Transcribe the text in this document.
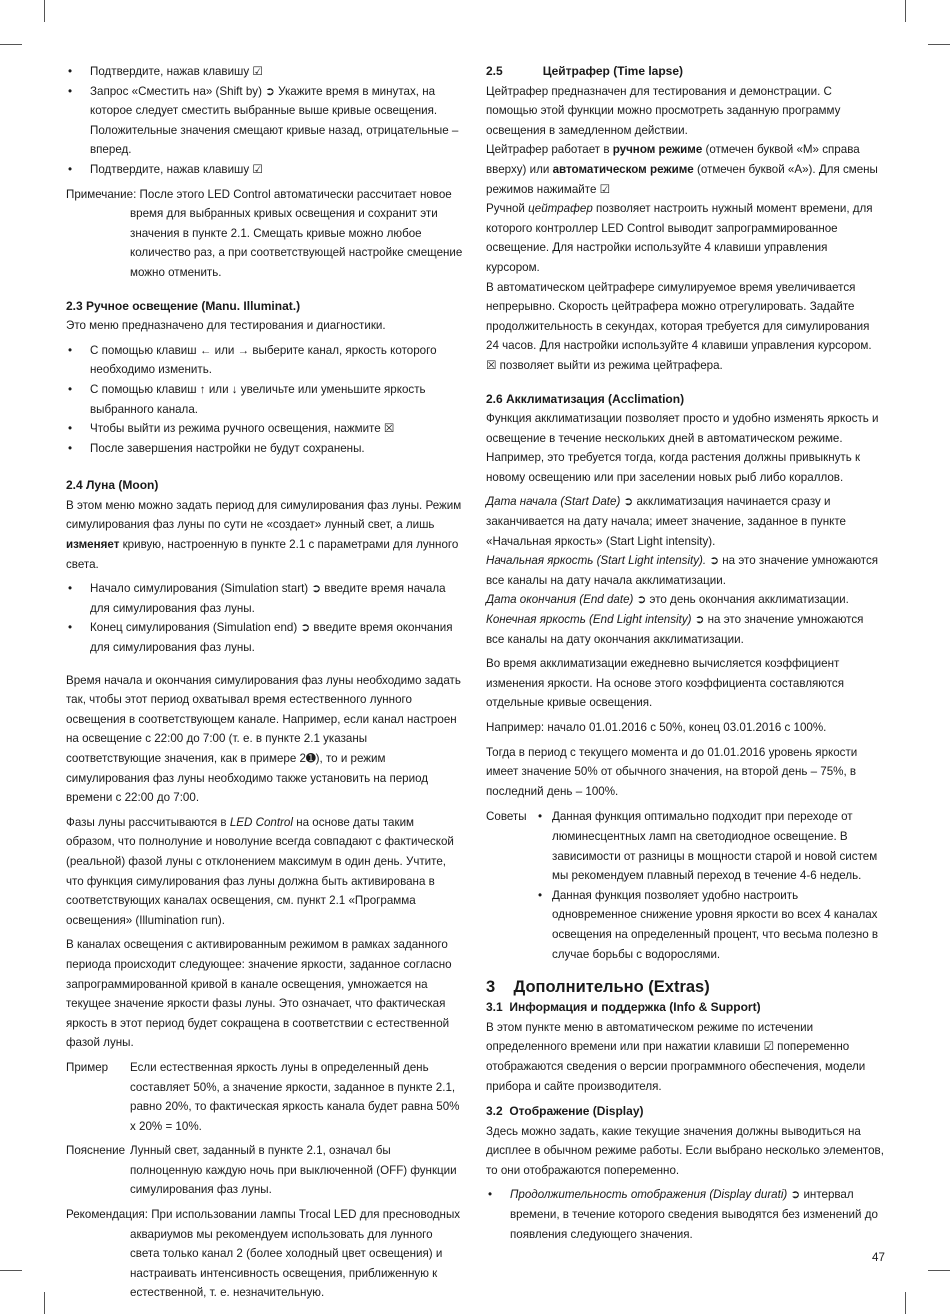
• Подтвердите, нажав клавишу ☑
• Запрос «Сместить на» (Shift by) ➲ Укажите время в минутах, на которое следует сместить выбранные выше кривые освещения. Положительные значения смещают кривые назад, отрицательные – вперед.
• Подтвердите, нажав клавишу ☑

Примечание: После этого LED Control автоматически рассчитает новое время для выбранных кривых освещения и сохранит эти значения в пункте 2.1. Смещать кривые можно любое количество раз, а при соответствующей настройке смещение можно отменить.

2.3 Ручное освещение (Manu. Illuminat.)

Это меню предназначено для тестирования и диагностики.

• С помощью клавиш ← или → выберите канал, яркость которого необходимо изменить.
• С помощью клавиш ↑ или ↓ увеличьте или уменьшите яркость выбранного канала.
• Чтобы выйти из режима ручного освещения, нажмите ☒
• После завершения настройки не будут сохранены.
2.4 Луна (Moon)

В этом меню можно задать период для симулирования фаз луны. Режим симулирования фаз луны по сути не «создает» лунный свет, а лишь изменяет кривую, настроенную в пункте 2.1 с параметрами для лунного света.

• Начало симулирования (Simulation start) ➲ введите время начала для симулирования фаз луны.
• Конец симулирования (Simulation end) ➲ введите время окончания для симулирования фаз луны.

Время начала и окончания симулирования фаз луны необходимо задать так, чтобы этот период охватывал время естественного лунного освещения в соответствующем канале. Например, если канал настроен на освещение с 22:00 до 7:00 (т. е. в пункте 2.1 указаны соответствующие значения, как в примере 2➊), то и режим симулирования фаз луны необходимо также установить на период времени с 22:00 до 7:00.

Фазы луны рассчитываются в LED Control на основе даты таким образом, что полнолуние и новолуние всегда совпадают с фактической (реальной) фазой луны с отклонением максимум в один день. Учтите, что функция симулирования фаз луны должна быть активирована в соответствующих каналах освещения, см. пункт 2.1 «Программа освещения» (Illumination run).

В каналах освещения с активированным режимом в рамках заданного периода происходит следующее: значение яркости, заданное согласно запрограммированной кривой в канале освещения, умножается на текущее значение яркости фазы луны. Это означает, что фактическая яркость в этот период будет сокращена в соответствии с естественной фазой луны.

Пример	Если естественная яркость луны в определенный день составляет 50%, а значение яркости, заданное в пункте 2.1, равно 20%, то фактическая яркость канала будет равна 50% x 20% = 10%.
Пояснение Лунный свет, заданный в пункте 2.1, означал бы полноценную каждую ночь при выключенной (OFF) функции симулирования фаз луны.

Рекомендация: При использовании лампы Trocal LED для пресноводных аквариумов мы рекомендуем использовать для лунного света только канал 2 (более холодный цвет освещения) и настраивать интенсивность освещения, приближенную к естественной, т. е. незначительную.

2.5            Цейтрафер (Time lapse)

Цейтрафер предназначен для тестирования и демонстрации. С помощью этой функции можно просмотреть заданную программу освещения в замедленном действии.

Цейтрафер работает в ручном режиме (отмечен буквой «M» справа вверху) или автоматическом режиме (отмечен буквой «A»). Для смены режимов нажимайте ☑

Ручной цейтрафер позволяет настроить нужный момент времени, для которого контроллер LED Control выводит запрограммированное освещение. Для настройки используйте 4 клавиши управления курсором.

В автоматическом цейтрафере симулируемое время увеличивается непрерывно. Скорость цейтрафера можно отрегулировать. Задайте продолжительность в секундах, которая требуется для симулирования 24 часов. Для настройки используйте 4 клавиши управления курсором.

☒ позволяет выйти из режима цейтрафера.

2.6 Акклиматизация (Acclimation)

Функция акклиматизации позволяет просто и удобно изменять яркость и освещение в течение нескольких дней в автоматическом режиме. Например, это требуется тогда, когда растения должны привыкнуть к новому освещению или при заселении новых рыб либо кораллов.

Дата начала (Start Date) ➲ акклиматизация начинается сразу и заканчивается на дату начала; имеет значение, заданное в пункте «Начальная яркость» (Start Light intensity).

Начальная яркость (Start Light intensity). ➲ на это значение умножаются все каналы на дату начала акклиматизации.

Дата окончания (End date) ➲ это день окончания акклиматизации.

Конечная яркость (End Light intensity) ➲ на это значение умножаются все каналы на дату окончания акклиматизации.

Во время акклиматизации ежедневно вычисляется коэффициент изменения яркости. На основе этого коэффициента составляются отдельные кривые освещения.

Например: начало 01.01.2016 с 50%, конец 03.01.2016 с 100%.

Тогда в период с текущего момента и до 01.01.2016 уровень яркости имеет значение 50% от обычного значения, на второй день – 75%, в последний день – 100%.

Советы
•	Данная функция оптимально подходит при переходе от люминесцентных ламп на светодиодное освещение. В зависимости от разницы в мощности старой и новой систем мы рекомендуем плавный переход в течение 4-6 недель.
• Данная функция позволяет удобно настроить одновременное снижение уровня яркости во всех 4 каналах освещения на определенный процент, что весьма полезно в случае борьбы с водорослями.
3    Дополнительно (Extras)
3.1  Информация и поддержка (Info & Support)

В этом пункте меню в автоматическом режиме по истечении определенного времени или при нажатии клавиши ☑ попеременно отображаются сведения о версии программного обеспечения, модели прибора и сайте производителя.

3.2  Отображение (Display)

Здесь можно задать, какие текущие значения должны выводиться на дисплее в обычном режиме работы. Если выбрано несколько элементов, то они отображаются попеременно.

• Продолжительность отображения (Display durati) ➲ интервал времени, в течение которого сведения выводятся без изменений до появления следующего значения.
47
